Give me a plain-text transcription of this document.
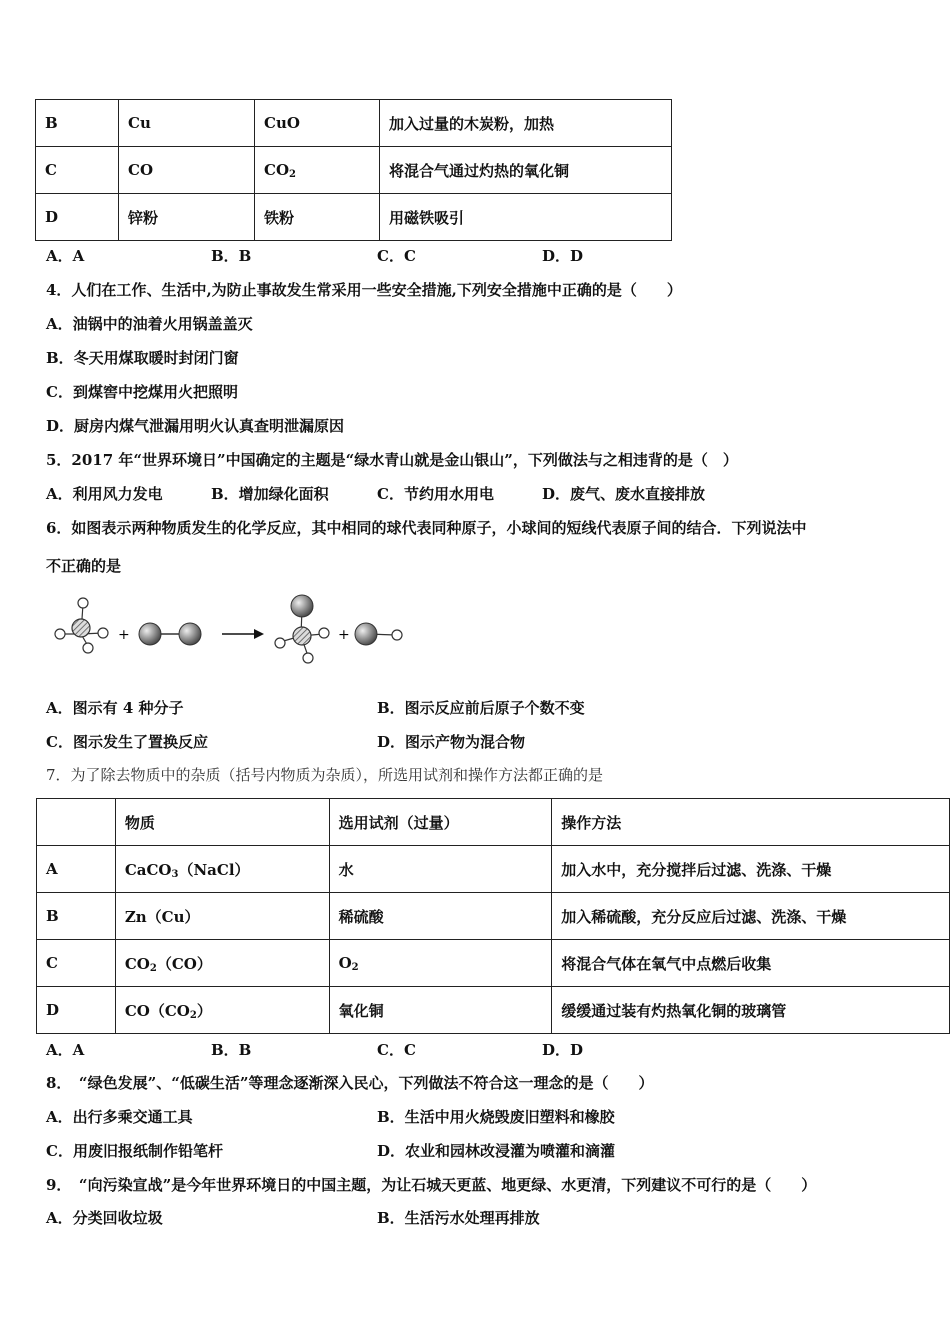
B	Cu	CuO	加入过量的木炭粉，加热
C	CO	$CO_2$	将混合气通过灼热的氧化铜
D	锌粉	铁粉	用磁铁吸引
A．A	B．B	C．C	D．D
4．人们在工作、生活中,为防止事故发生常采用一些安全措施,下列安全措施中正确的是（　　）
A．油锅中的油着火用锅盖盖灭
B．冬天用煤取暖时封闭门窗
C．到煤窖中挖煤用火把照明
D．厨房内煤气泄漏用明火认真查明泄漏原因
5．2017 年“世界环境日”中国确定的主题是“绿水青山就是金山银山”，下列做法与之相违背的是（　）
A．利用风力发电	B．增加绿化面积	C．节约用水用电	D．废气、废水直接排放
6．如图表示两种物质发生的化学反应，其中相同的球代表同种原子，小球间的短线代表原子间的结合．下列说法中
不正确的是
+	+
A．图示有 4 种分子	B．图示反应前后原子个数不变
C．图示发生了置换反应	D．图示产物为混合物
7．为了除去物质中的杂质（括号内物质为杂质），所选用试剂和操作方法都正确的是
	物质	选用试剂（过量）	操作方法
A	CaCO$_3$（NaCl）	水	加入水中，充分搅拌后过滤、洗涤、干燥
B	Zn（Cu）	稀硫酸	加入稀硫酸，充分反应后过滤、洗涤、干燥
C	$CO_2(CO)$	$O_2$	将混合气体在氧气中点燃后收集
D	$CO(CO_2)$	氧化铜	缓缓通过装有灼热氧化铜的玻璃管
A．A	B．B	C．C	D．D
8．　“绿色发展”、“低碳生活”等理念逐渐深入民心，下列做法不符合这一理念的是（　　）
A．出行多乘交通工具	B．生活中用火烧毁废旧塑料和橡胶
C．用废旧报纸制作铅笔杆	D．农业和园林改浸灌为喷灌和滴灌
9．　“向污染宣战”是今年世界环境日的中国主题，为让石城天更蓝、地更绿、水更清，下列建议不可行的是（　　）
A．分类回收垃圾	B．生活污水处理再排放
